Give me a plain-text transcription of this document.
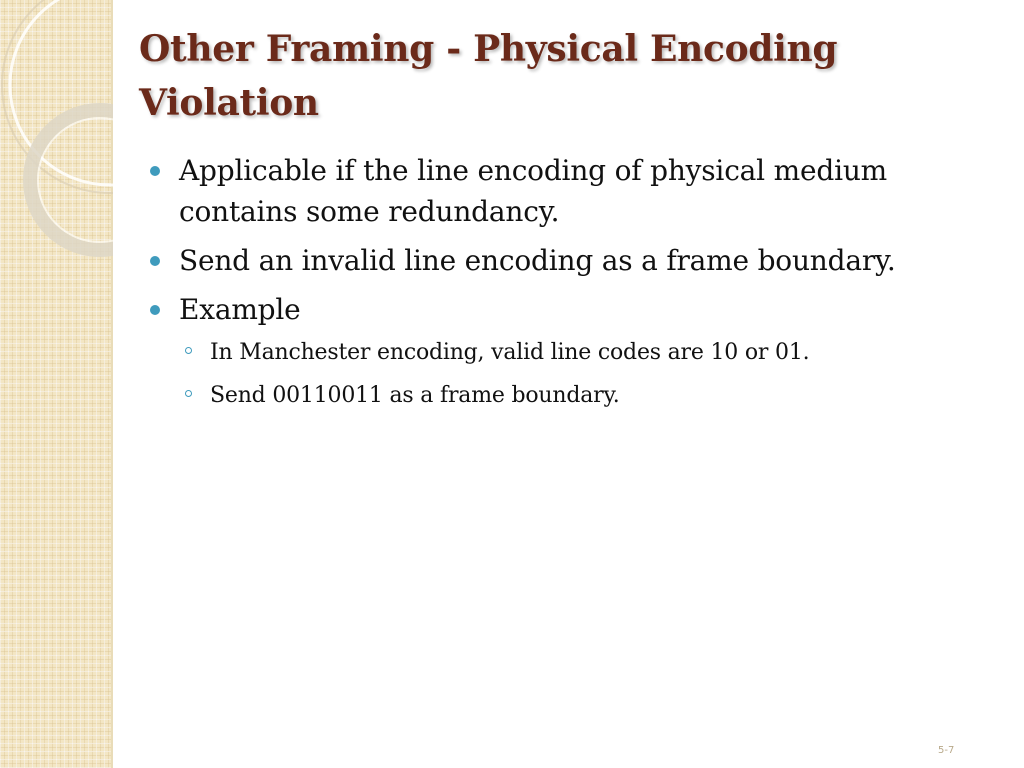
Other Framing - Physical Encoding Violation
Applicable if the line encoding of physical medium contains some redundancy.
Send an invalid line encoding as a frame boundary.
Example
In Manchester encoding, valid line codes are 10 or 01.
Send 00110011 as a frame boundary.
5-7
